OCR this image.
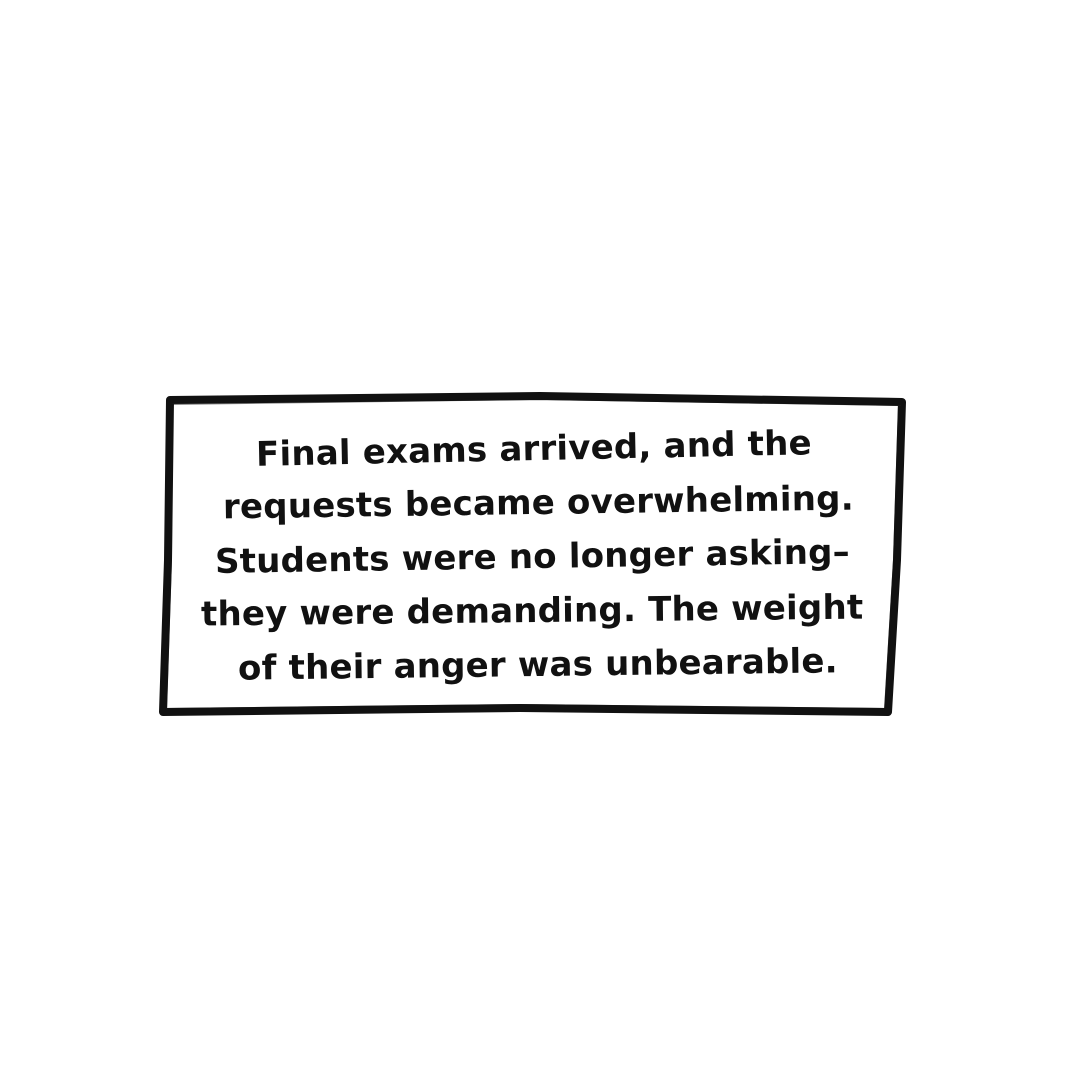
Final exams arrived, and the
requests became overwhelming.
Students were no longer asking–
they were demanding. The weight
of their anger was unbearable.
